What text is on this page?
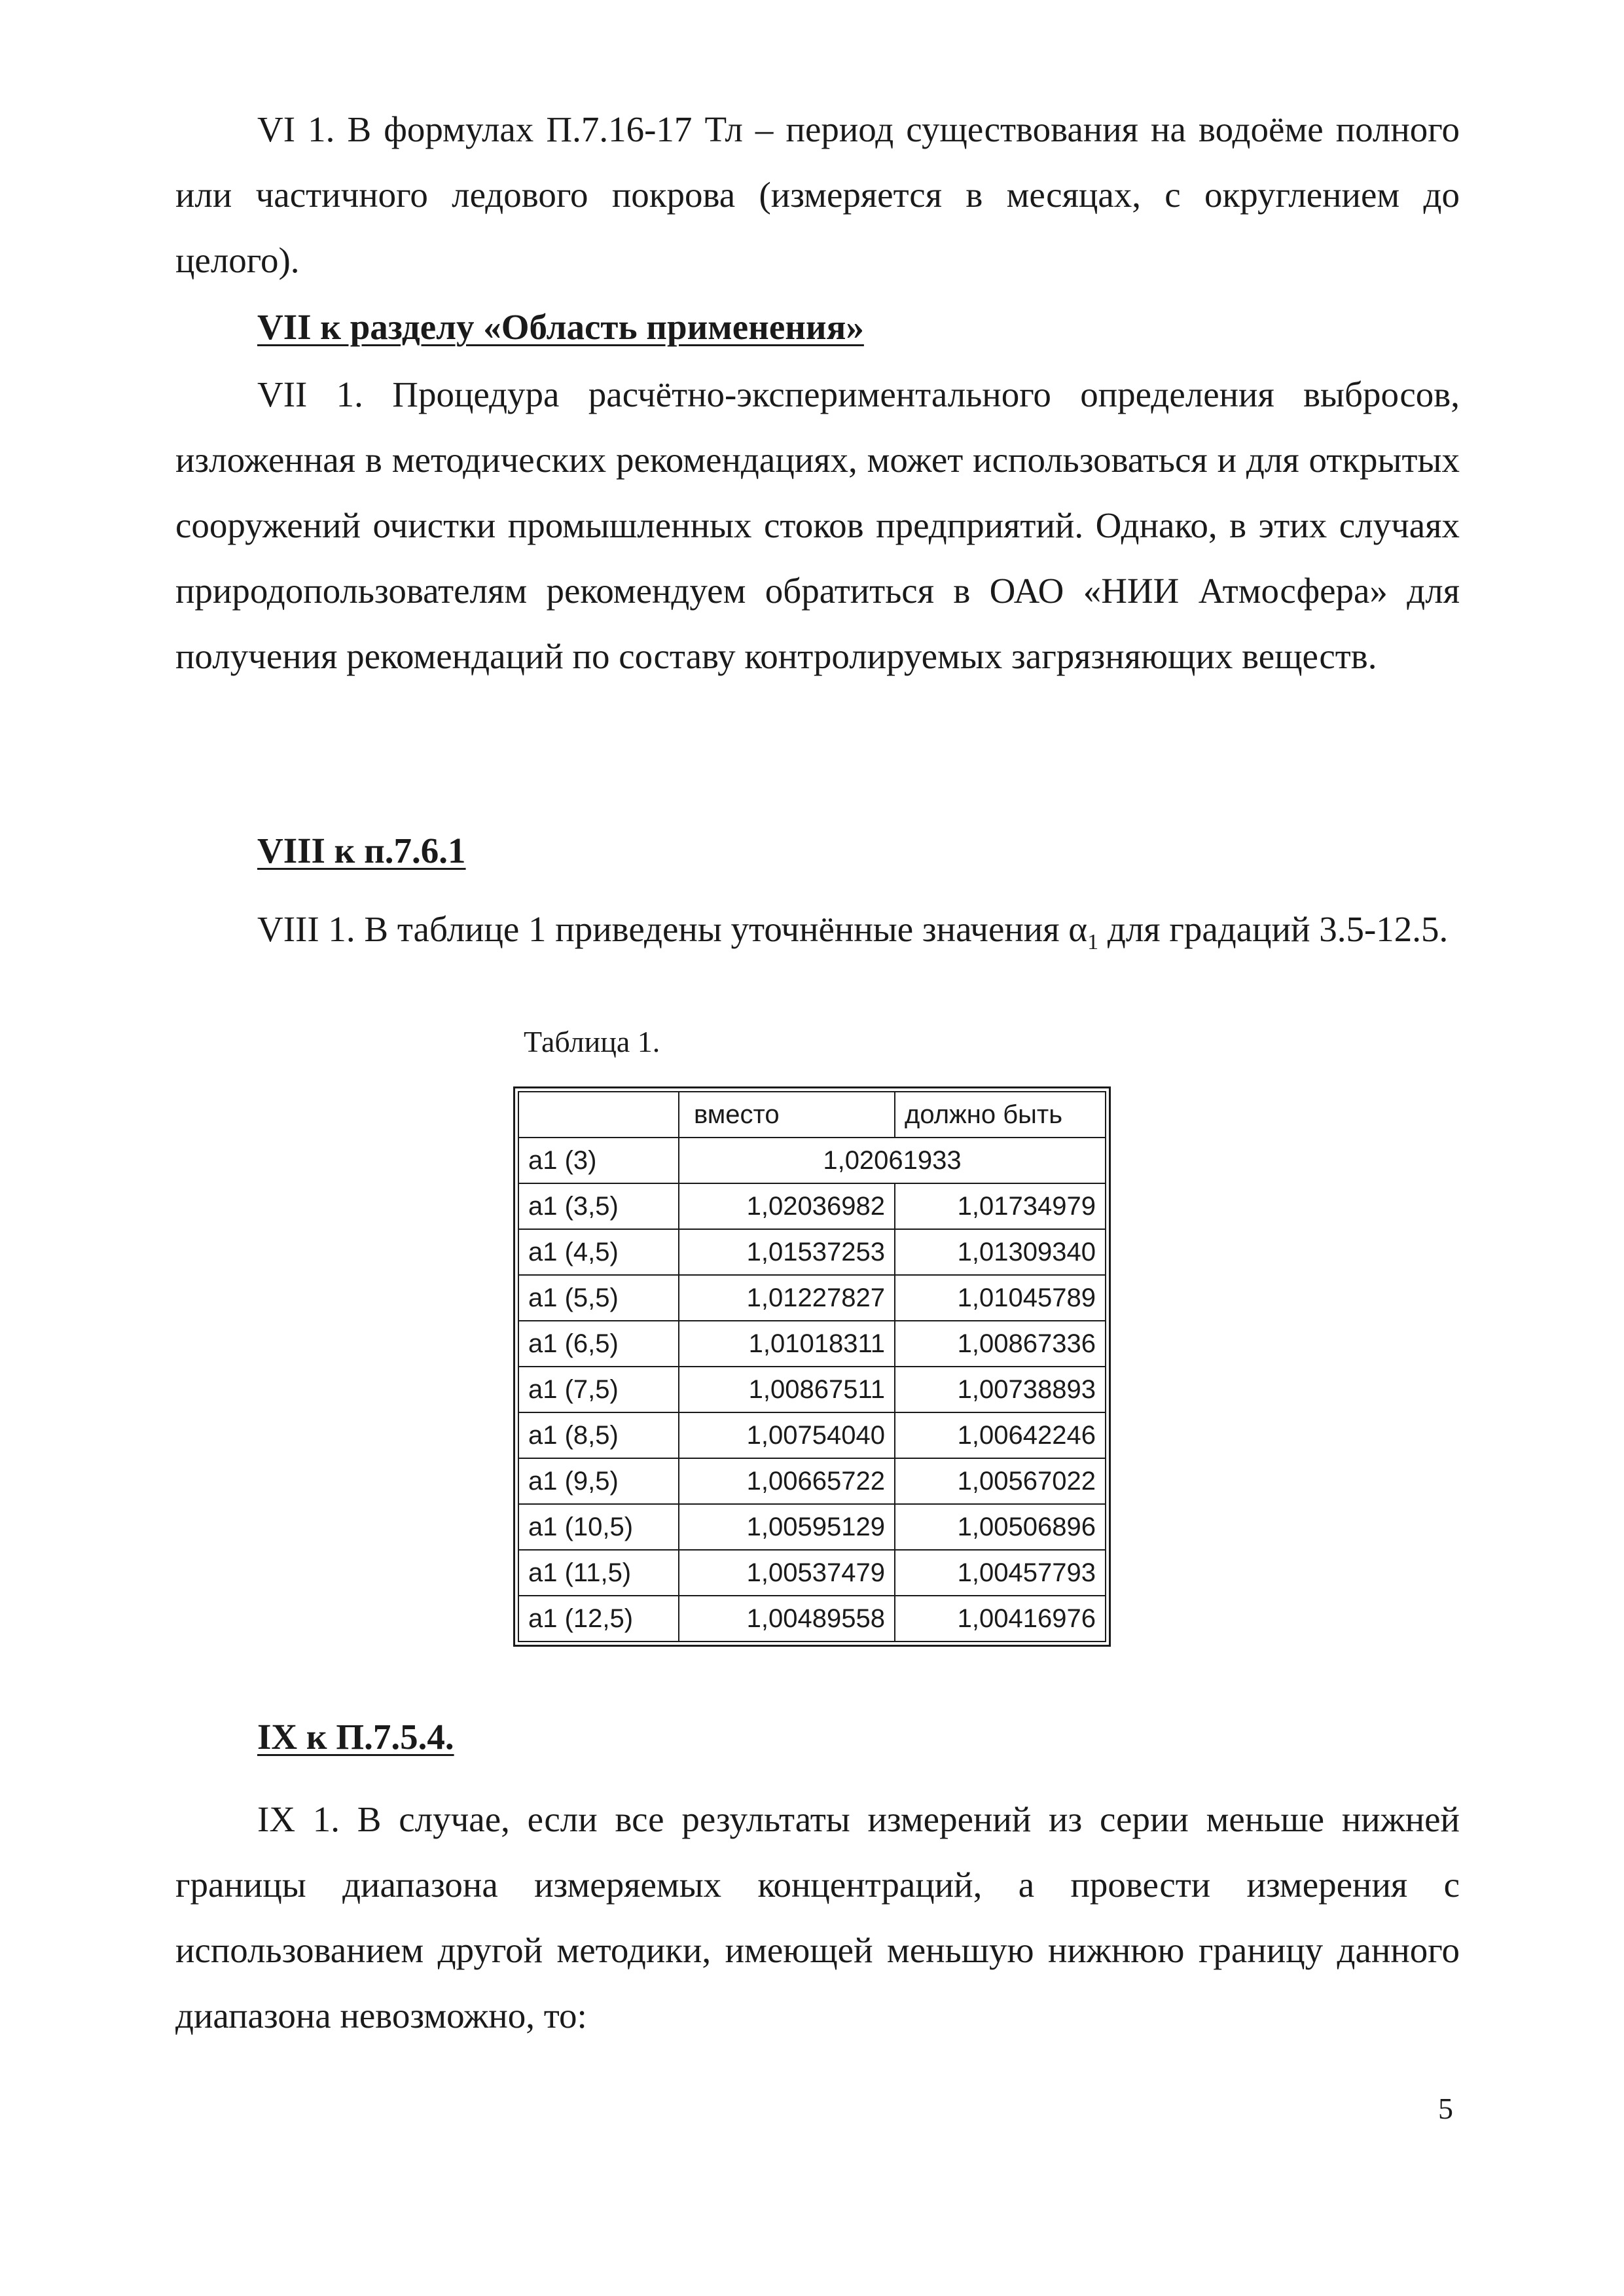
VI 1. В формулах П.7.16-17 Тл – период существования на водоёме полного или частичного ледового покрова (измеряется в месяцах, с округлением до целого).

VII к разделу «Область применения»

VII 1. Процедура расчётно-экспериментального определения выбросов, изложенная в методических рекомендациях, может использоваться и для открытых сооружений очистки промышленных стоков предприятий. Однако, в этих случаях природопользователям рекомендуем обратиться в ОАО «НИИ Атмосфера» для получения рекомендаций по составу контролируемых загрязняющих веществ.

VIII к п.7.6.1

VIII 1. В таблице 1 приведены уточнённые значения $\alpha_1$ для градаций 3.5-12.5.

Таблица 1.
	вместо	должно быть
a1 (3)	1,02061933	
a1 (3,5)	1,02036982	1,01734979
a1 (4,5)	1,01537253	1,01309340
a1 (5,5)	1,01227827	1,01045789
a1 (6,5)	1,01018311	1,00867336
a1 (7,5)	1,00867511	1,00738893
a1 (8,5)	1,00754040	1,00642246
a1 (9,5)	1,00665722	1,00567022
a1 (10,5)	1,00595129	1,00506896
a1 (11,5)	1,00537479	1,00457793
a1 (12,5)	1,00489558	1,00416976
IX к П.7.5.4.

IX 1. В случае, если все результаты измерений из серии меньше нижней границы диапазона измеряемых концентраций, а провести измерения с использованием другой методики, имеющей меньшую нижнюю границу данного диапазона невозможно, то:

5
